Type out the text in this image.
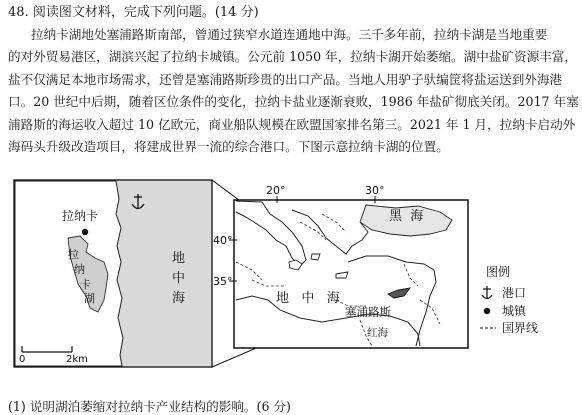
48. 阅读图文材料，完成下列问题。(14 分)
拉纳卡湖地处塞浦路斯南部，曾通过狭窄水道连通地中海。三千多年前，拉纳卡湖是当地重要
的对外贸易港区，湖滨兴起了拉纳卡城镇。公元前 1050 年，拉纳卡湖开始萎缩。湖中盐矿资源丰富，
盐不仅满足本地市场需求，还曾是塞浦路斯珍贵的出口产品。当地人用驴子驮编筐将盐运送到外海港
口。20 世纪中后期，随着区位条件的变化，拉纳卡盐业逐渐衰败，1986 年盐矿彻底关闭。2017 年塞
浦路斯的海运收入超过 10 亿欧元，商业船队规模在欧盟国家排名第三。2021 年 1 月，拉纳卡启动外
海码头升级改造项目，将建成世界一流的综合港口。下图示意拉纳卡湖的位置。
拉纳卡
拉
纳
卡
湖
地
中
海
0	2km
20°	30°
40°
35°
黑  海
地   中   海
塞浦路斯
红海
图例
港口
城镇
国界线
(1) 说明湖泊萎缩对拉纳卡产业结构的影响。(6 分)
